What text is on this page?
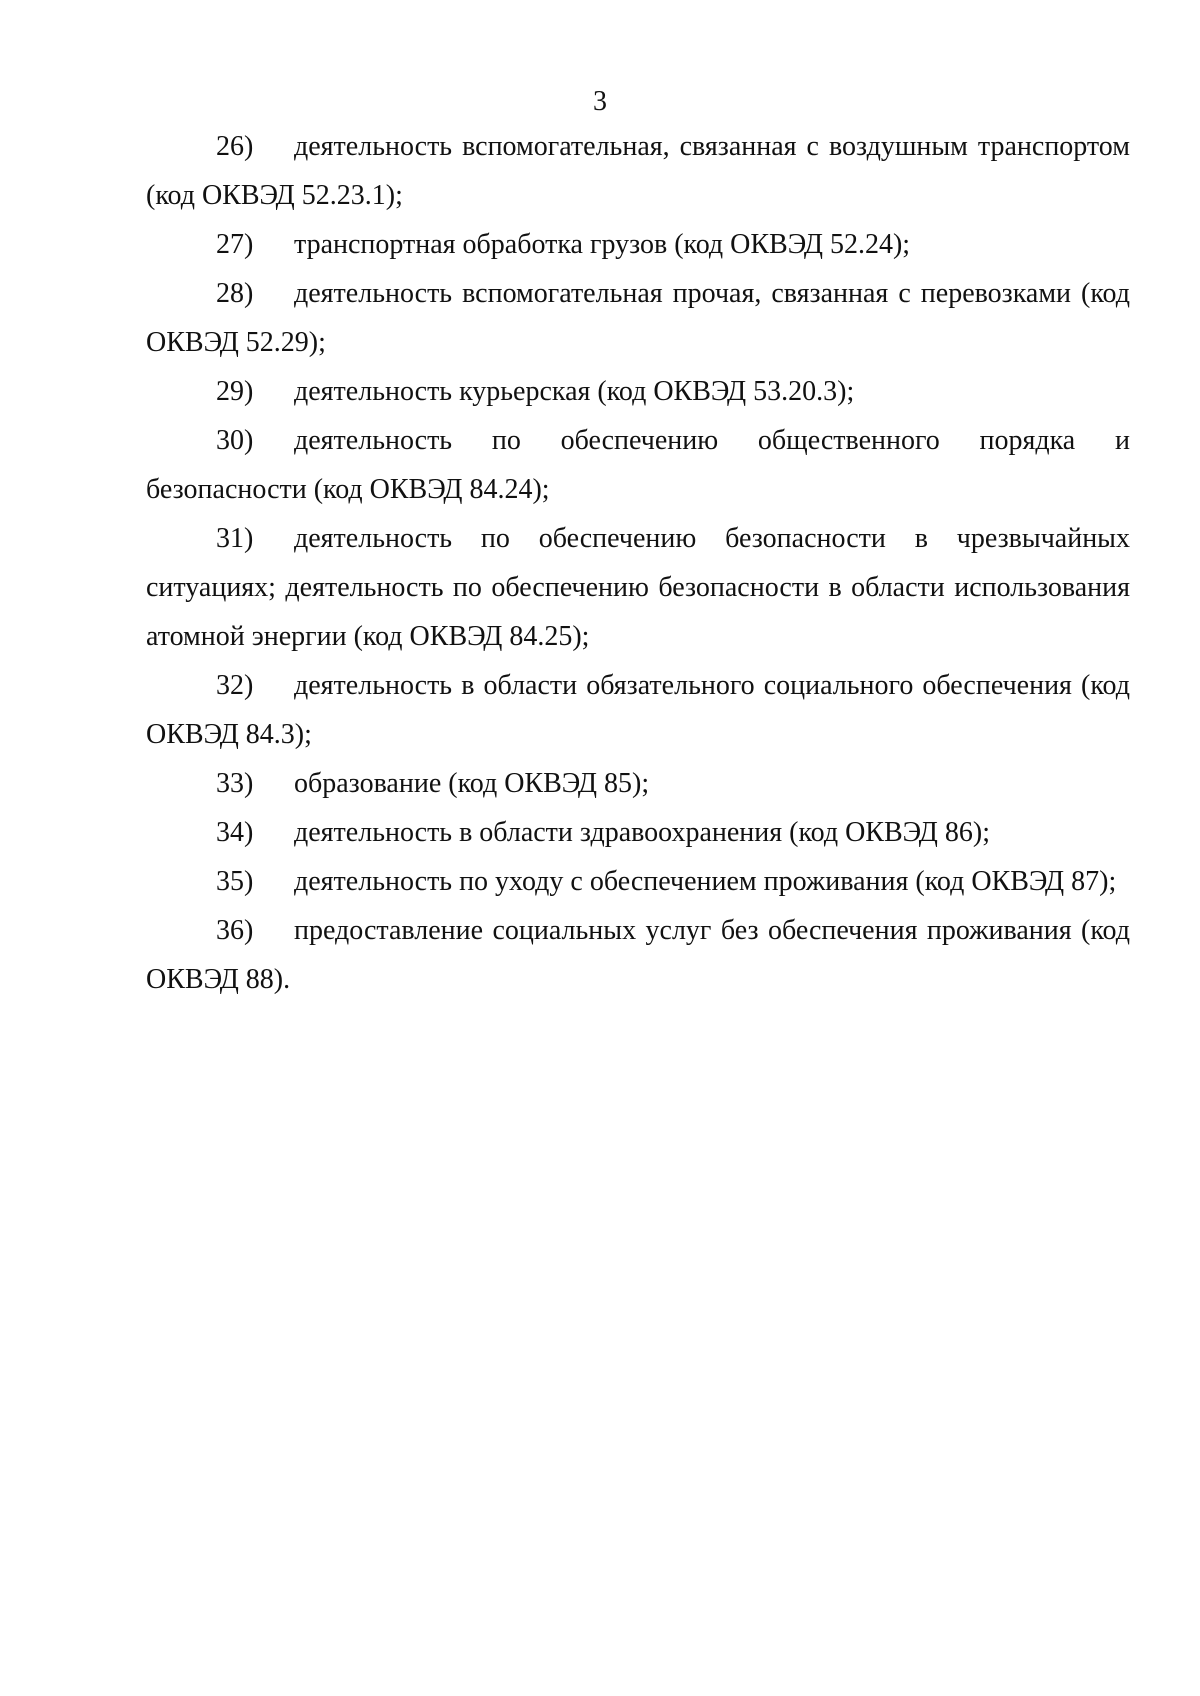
3

26) деятельность вспомогательная, связанная с воздушным транспортом (код ОКВЭД 52.23.1);

27) транспортная обработка грузов (код ОКВЭД 52.24);

28) деятельность вспомогательная прочая, связанная с перевозками (код ОКВЭД 52.29);

29) деятельность курьерская (код ОКВЭД 53.20.3);

30) деятельность по обеспечению общественного порядка и безопасности (код ОКВЭД 84.24);

31) деятельность по обеспечению безопасности в чрезвычайных ситуациях; деятельность по обеспечению безопасности в области использования атомной энергии (код ОКВЭД 84.25);

32) деятельность в области обязательного социального обеспечения (код ОКВЭД 84.3);

33) образование (код ОКВЭД 85);

34) деятельность в области здравоохранения (код ОКВЭД 86);

35) деятельность по уходу с обеспечением проживания (код ОКВЭД 87);

36) предоставление социальных услуг без обеспечения проживания (код ОКВЭД 88).
